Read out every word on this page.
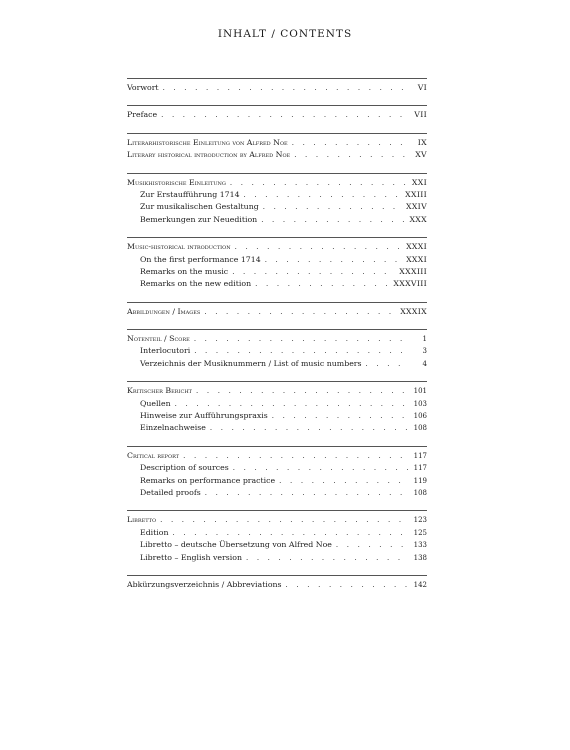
INHALT / CONTENTS
Vorwort . . .	VI
Preface . . .	VII
Literarhistorische Einleitung von Alfred Noe . . .	IX
Literary historical introduction by Alfred Noe . . .	XV
Musikhistorische Einleitung . . .	XXI
Zur Erstaufführung 1714 . . .	XXIII
Zur musikalischen Gestaltung . . .	XXIV
Bemerkungen zur Neuedition . . .	XXX
Music-historical introduction . . .	XXXI
On the first performance 1714 . . .	XXXI
Remarks on the music . . .	XXXIII
Remarks on the new edition . . .	XXXVIII
Abbildungen / Images . . .	XXXIX
Notenteil / Score . . .	1
Interlocutori . . .	3
Verzeichnis der Musiknummern / List of music numbers . . .	4
Kritischer Bericht . . .	101
Quellen . . .	103
Hinweise zur Aufführungspraxis . . .	106
Einzelnachweise . . .	108
Critical report . . .	117
Description of sources . . .	117
Remarks on performance practice . . .	119
Detailed proofs . . .	108
Libretto . . .	123
Edition . . .	125
Libretto – deutsche Übersetzung von Alfred Noe . . .	133
Libretto – English version . . .	138
Abkürzungsverzeichnis / Abbreviations . . .	142
